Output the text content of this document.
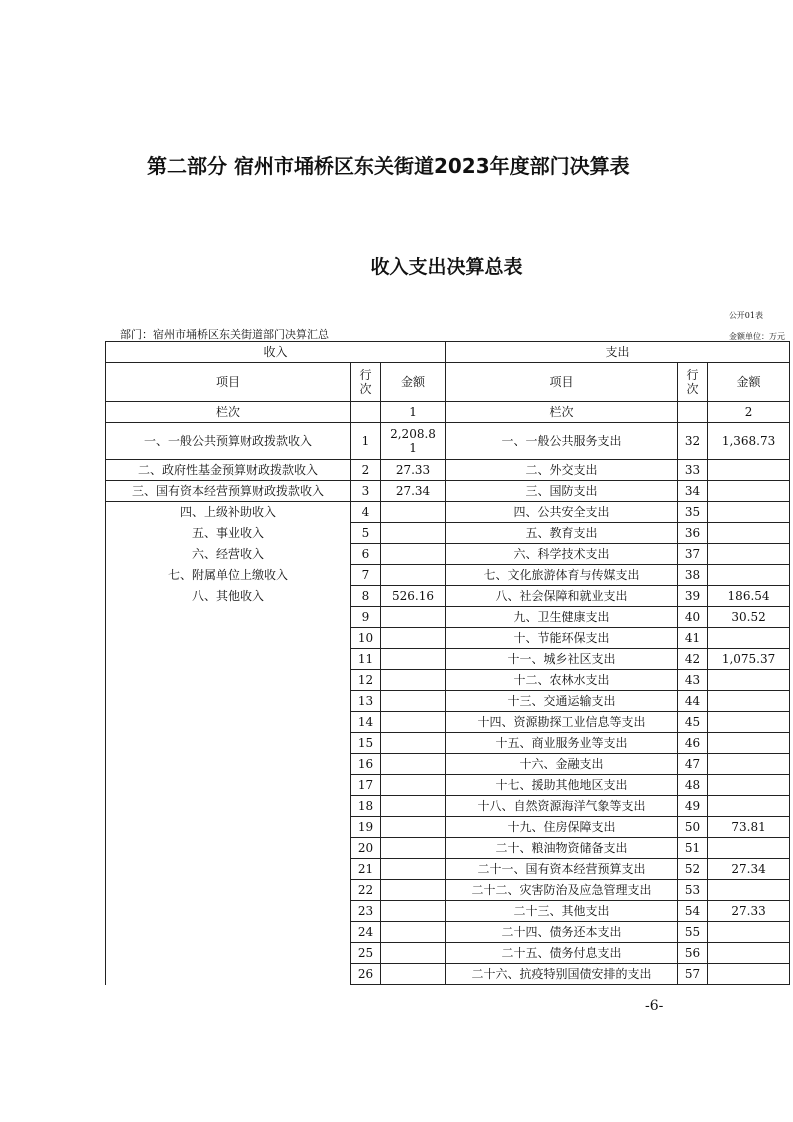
第二部分 宿州市埇桥区东关街道2023年度部门决算表
收入支出决算总表
公开01表
部门：宿州市埇桥区东关街道部门决算汇总	金额单位：万元
收入			支出		
项目	行次	金额	项目	行次	金额
栏次		1	栏次		2
一、一般公共预算财政拨款收入	1	2,208.81	一、一般公共服务支出	32	1,368.73
二、政府性基金预算财政拨款收入	2	27.33	二、外交支出	33	
三、国有资本经营预算财政拨款收入	3	27.34	三、国防支出	34	
四、上级补助收入	4		四、公共安全支出	35	
五、事业收入	5		五、教育支出	36	
六、经营收入	6		六、科学技术支出	37	
七、附属单位上缴收入	7		七、文化旅游体育与传媒支出	38	
八、其他收入	8	526.16	八、社会保障和就业支出	39	186.54
	9		九、卫生健康支出	40	30.52
	10		十、节能环保支出	41	
	11		十一、城乡社区支出	42	1,075.37
	12		十二、农林水支出	43	
	13		十三、交通运输支出	44	
	14		十四、资源勘探工业信息等支出	45	
	15		十五、商业服务业等支出	46	
	16		十六、金融支出	47	
	17		十七、援助其他地区支出	48	
	18		十八、自然资源海洋气象等支出	49	
	19		十九、住房保障支出	50	73.81
	20		二十、粮油物资储备支出	51	
	21		二十一、国有资本经营预算支出	52	27.34
	22		二十二、灾害防治及应急管理支出	53	
	23		二十三、其他支出	54	27.33
	24		二十四、债务还本支出	55	
	25		二十五、债务付息支出	56	
	26		二十六、抗疫特别国债安排的支出	57	
-6-
